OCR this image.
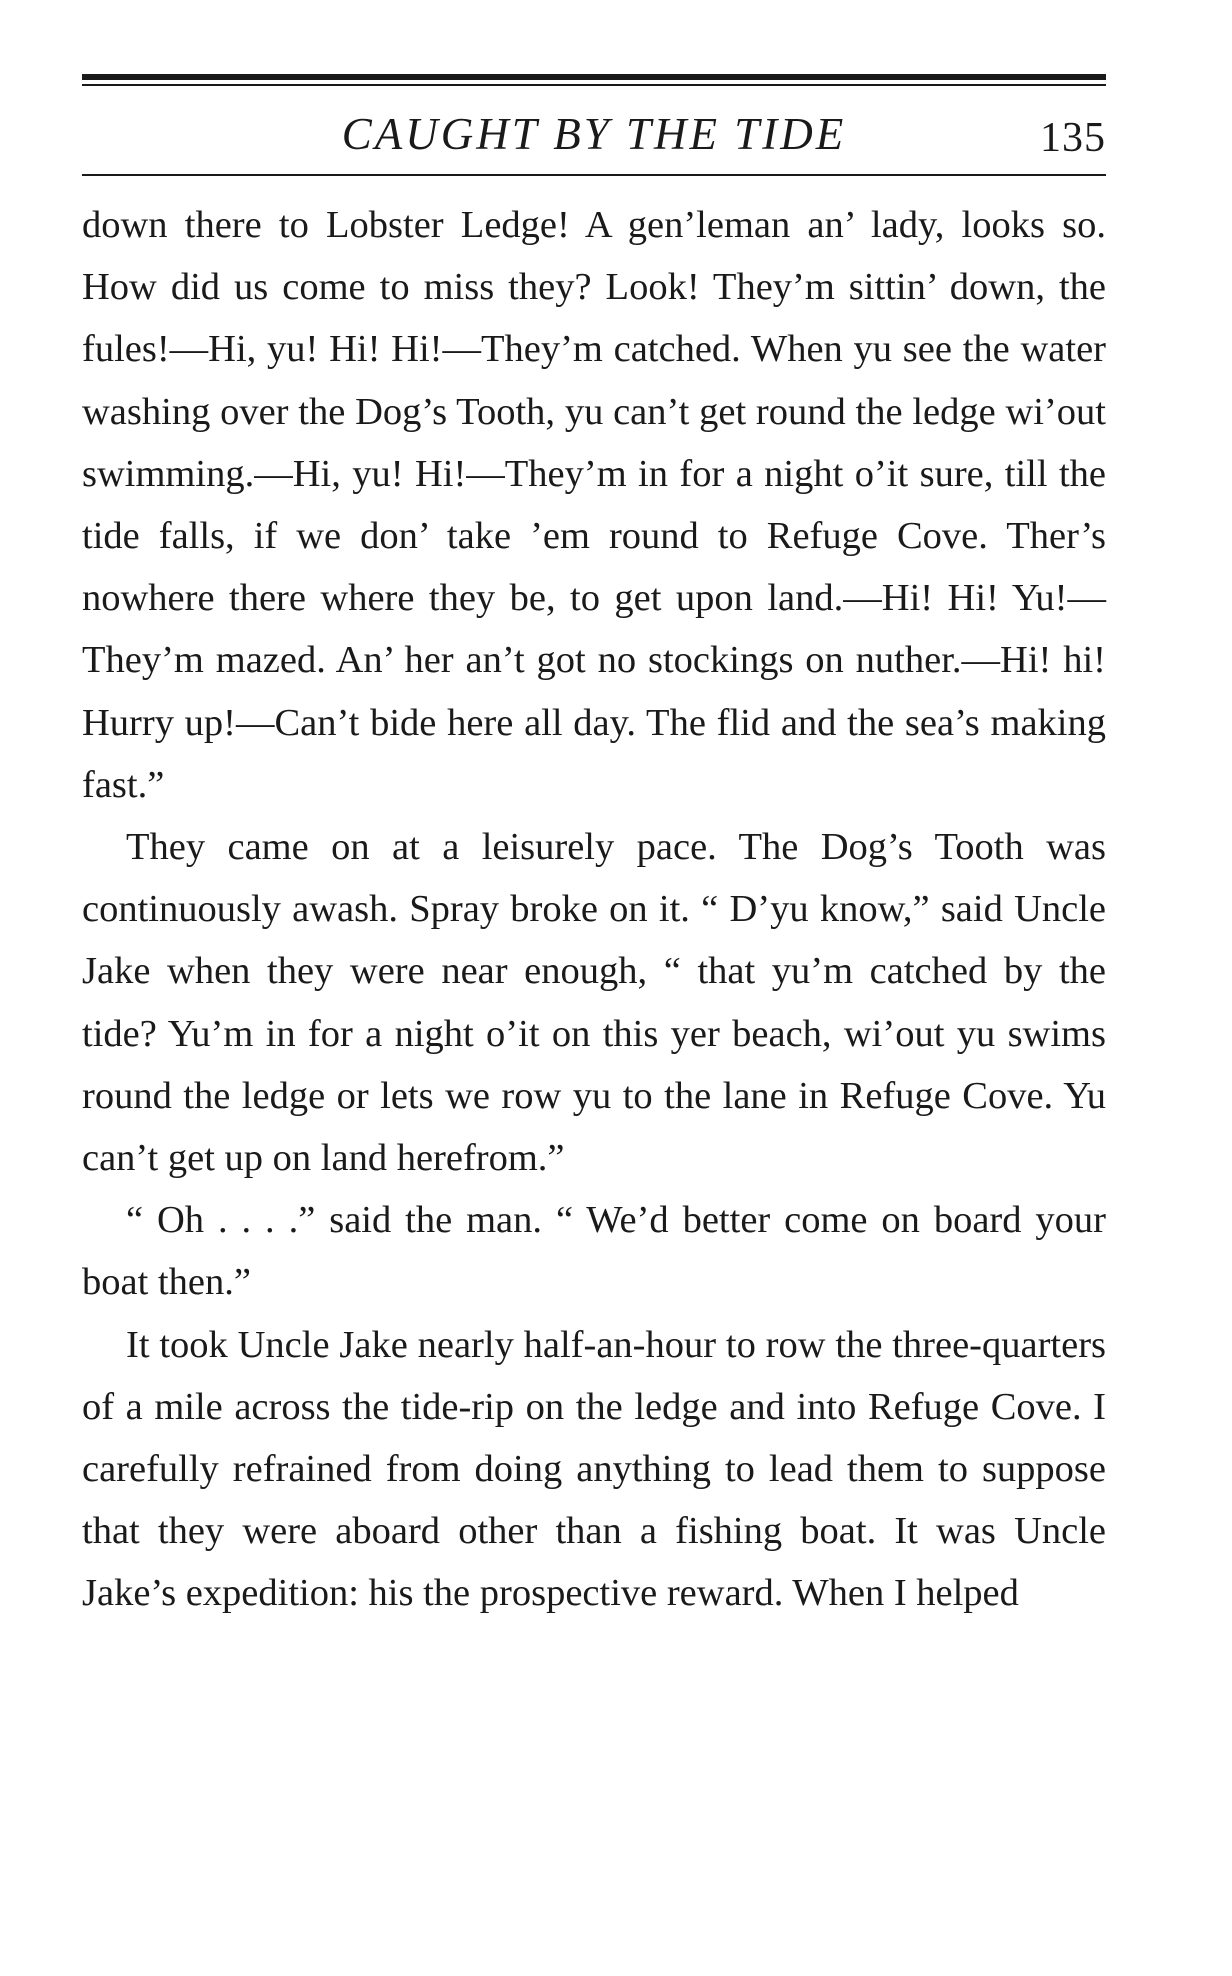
CAUGHT BY THE TIDE	135

down there to Lobster Ledge! A gen’leman an’ lady, looks so. How did us come to miss they? Look! They’m sittin’ down, the fules!—Hi, yu! Hi! Hi!—They’m catched. When yu see the water washing over the Dog’s Tooth, yu can’t get round the ledge wi’out swimming.—Hi, yu! Hi!—They’m in for a night o’it sure, till the tide falls, if we don’ take ’em round to Refuge Cove. Ther’s nowhere there where they be, to get upon land.—Hi! Hi! Yu!—They’m mazed. An’ her an’t got no stockings on nuther.—Hi! hi! Hurry up!—Can’t bide here all day. The flid and the sea’s making fast.”

They came on at a leisurely pace. The Dog’s Tooth was continuously awash. Spray broke on it. “ D’yu know,” said Uncle Jake when they were near enough, “ that yu’m catched by the tide? Yu’m in for a night o’it on this yer beach, wi’out yu swims round the ledge or lets we row yu to the lane in Refuge Cove. Yu can’t get up on land herefrom.”

“ Oh . . . .” said the man. “ We’d better come on board your boat then.”

It took Uncle Jake nearly half-an-hour to row the three-quarters of a mile across the tide-rip on the ledge and into Refuge Cove. I carefully refrained from doing anything to lead them to suppose that they were aboard other than a fishing boat. It was Uncle Jake’s expedition: his the prospective reward. When I helped
